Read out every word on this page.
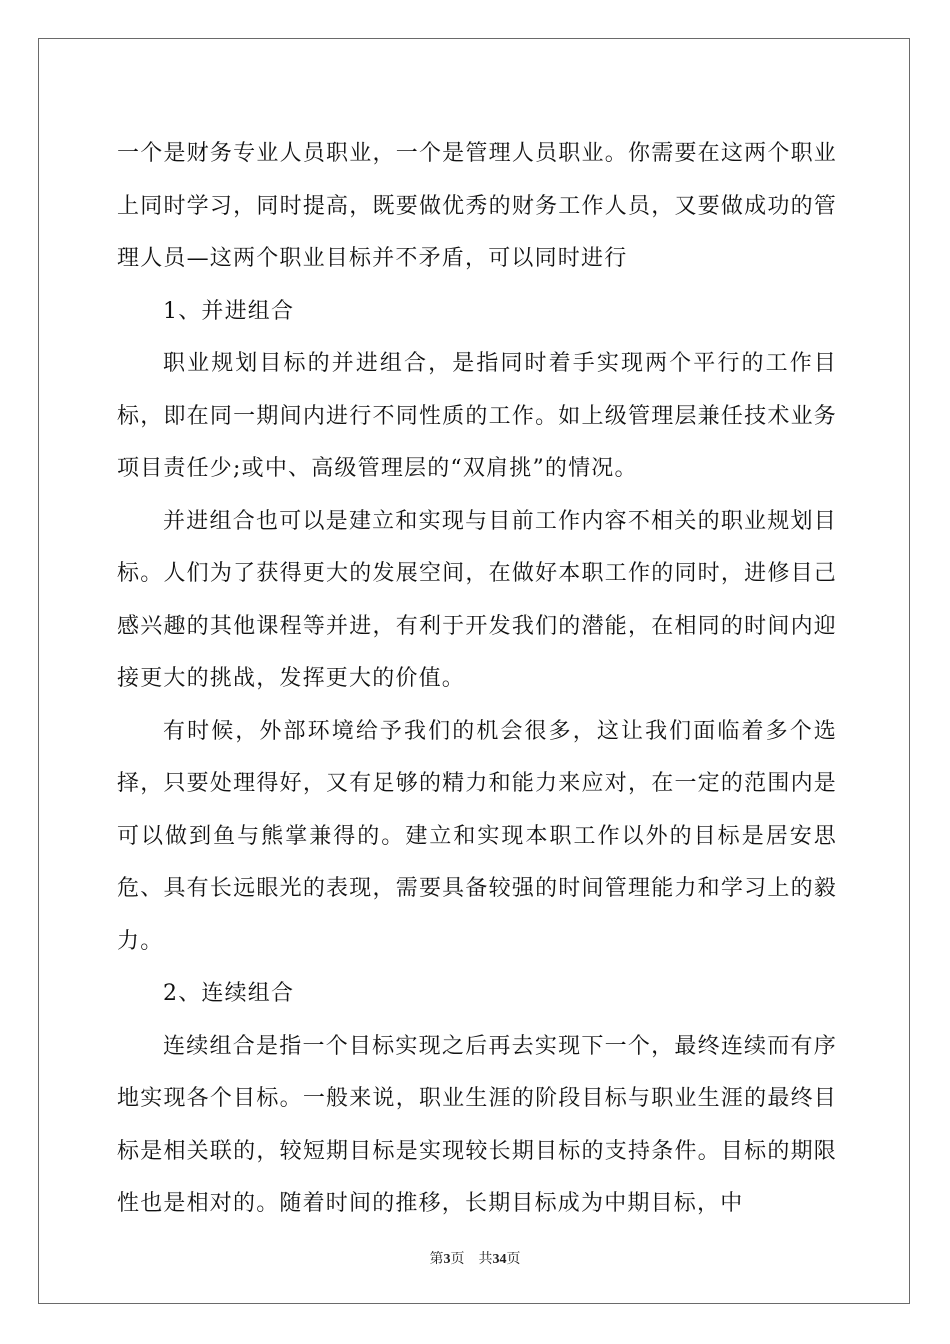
一个是财务专业人员职业，一个是管理人员职业。你需要在这两个职业上同时学习，同时提高，既要做优秀的财务工作人员，又要做成功的管理人员—这两个职业目标并不矛盾，可以同时进行

1、并进组合

职业规划目标的并进组合，是指同时着手实现两个平行的工作目标，即在同一期间内进行不同性质的工作。如上级管理层兼任技术业务项目责任少;或中、高级管理层的“双肩挑”的情况。

并进组合也可以是建立和实现与目前工作内容不相关的职业规划目标。人们为了获得更大的发展空间，在做好本职工作的同时，进修目己感兴趣的其他课程等并进，有利于开发我们的潜能，在相同的时间内迎接更大的挑战，发挥更大的价值。

有时候，外部环境给予我们的机会很多，这让我们面临着多个选择，只要处理得好，又有足够的精力和能力来应对，在一定的范围内是可以做到鱼与熊掌兼得的。建立和实现本职工作以外的目标是居安思危、具有长远眼光的表现，需要具备较强的时间管理能力和学习上的毅力。

2、连续组合

连续组合是指一个目标实现之后再去实现下一个，最终连续而有序地实现各个目标。一般来说，职业生涯的阶段目标与职业生涯的最终目标是相关联的，较短期目标是实现较长期目标的支持条件。目标的期限性也是相对的。随着时间的推移，长期目标成为中期目标，中

第3页 共34页
